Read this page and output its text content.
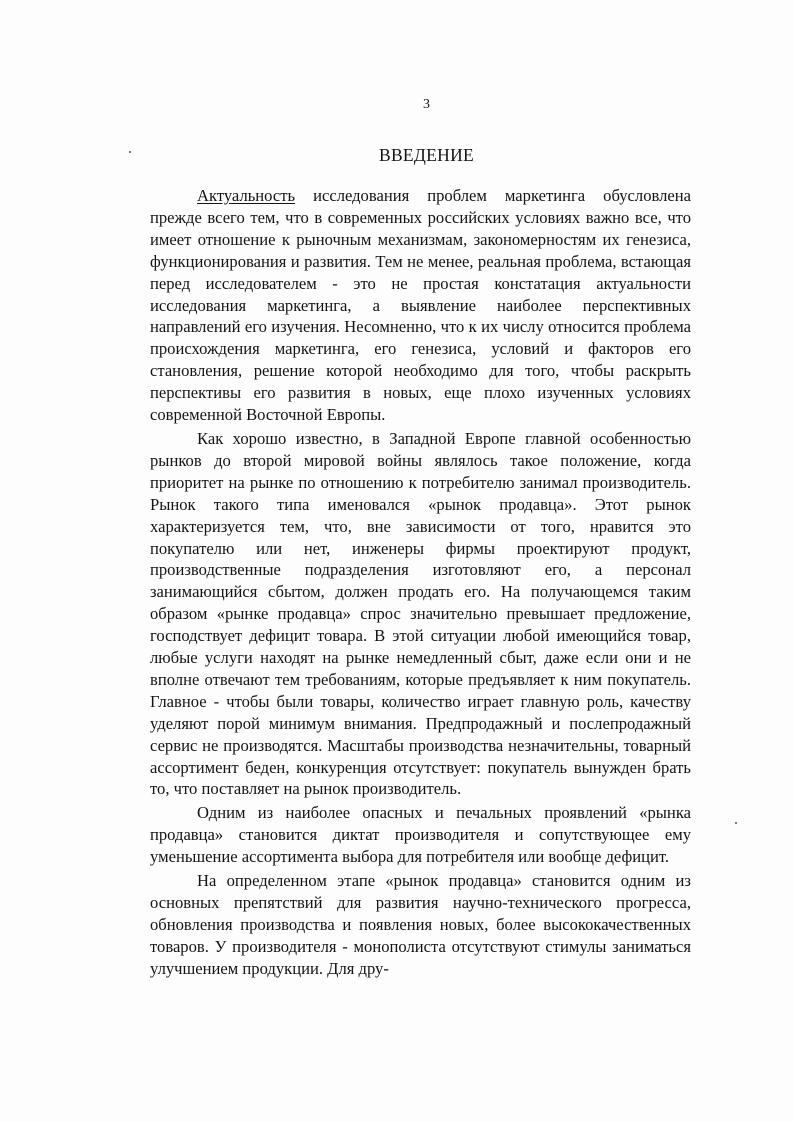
3
ВВЕДЕНИЕ

Актуальность исследования проблем маркетинга обусловлена прежде всего тем, что в современных российских условиях важно все, что имеет отношение к рыночным механизмам, закономерностям их генезиса, функционирования и развития. Тем не менее, реальная проблема, встающая перед исследователем - это не простая констатация актуальности исследования маркетинга, а выявление наиболее перспективных направлений его изучения. Несомненно, что к их числу относится проблема происхождения маркетинга, его генезиса, условий и факторов его становления, решение которой необходимо для того, чтобы раскрыть перспективы его развития в новых, еще плохо изученных условиях современной Восточной Европы.

Как хорошо известно, в Западной Европе главной особенностью рынков до второй мировой войны являлось такое положение, когда приоритет на рынке по отношению к потребителю занимал производитель. Рынок такого типа именовался «рынок продавца». Этот рынок характеризуется тем, что, вне зависимости от того, нравится это покупателю или нет, инженеры фирмы проектируют продукт, производственные подразделения изготовляют его, а персонал занимающийся сбытом, должен продать его. На получающемся таким образом «рынке продавца» спрос значительно превышает предложение, господствует дефицит товара. В этой ситуации любой имеющийся товар, любые услуги находят на рынке немедленный сбыт, даже если они и не вполне отвечают тем требованиям, которые предъявляет к ним покупатель. Главное - чтобы были товары, количество играет главную роль, качеству уделяют порой минимум внимания. Предпродажный и послепродажный сервис не производятся. Масштабы производства незначительны, товарный ассортимент беден, конкуренция отсутствует: покупатель вынужден брать то, что поставляет на рынок производитель.

Одним из наиболее опасных и печальных проявлений «рынка продавца» становится диктат производителя и сопутствующее ему уменьшение ассортимента выбора для потребителя или вообще дефицит.

На определенном этапе «рынок продавца» становится одним из основных препятствий для развития научно-технического прогресса, обновления производства и появления новых, более высококачественных товаров. У производителя - монополиста отсутствуют стимулы заниматься улучшением продукции. Для дру-
